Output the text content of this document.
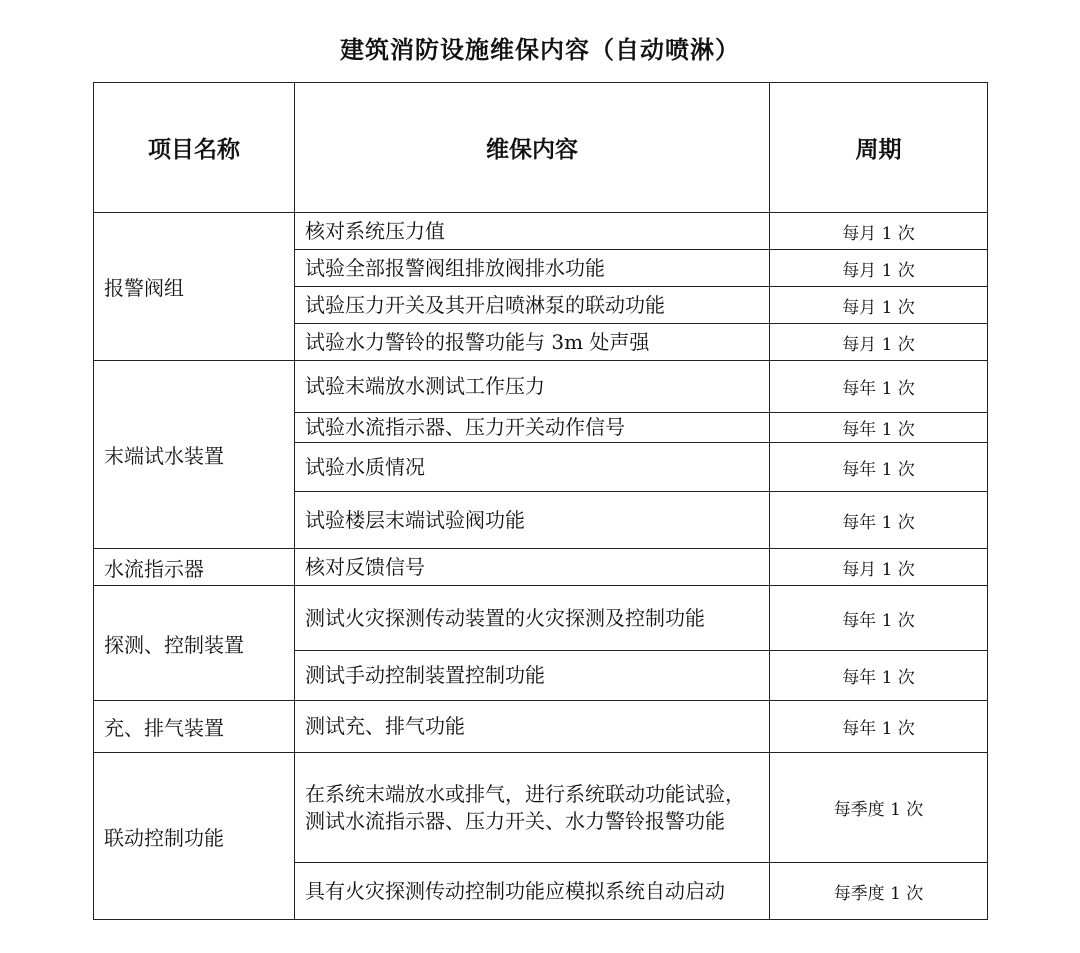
建筑消防设施维保内容（自动喷淋）
项目名称	维保内容	周期
报警阀组	核对系统压力值	每月 1 次
	试验全部报警阀组排放阀排水功能	每月 1 次
	试验压力开关及其开启喷淋泵的联动功能	每月 1 次
	试验水力警铃的报警功能与 3m 处声强	每月 1 次
末端试水装置	试验末端放水测试工作压力	每年 1 次
	试验水流指示器、压力开关动作信号	每年 1 次
	试验水质情况	每年 1 次
	试验楼层末端试验阀功能	每年 1 次
水流指示器	核对反馈信号	每月 1 次
探测、控制装置	测试火灾探测传动装置的火灾探测及控制功能	每年 1 次
	测试手动控制装置控制功能	每年 1 次
充、排气装置	测试充、排气功能	每年 1 次
联动控制功能	在系统末端放水或排气，进行系统联动功能试验，测试水流指示器、压力开关、水力警铃报警功能	每季度 1 次
	具有火灾探测传动控制功能应模拟系统自动启动	每季度 1 次
